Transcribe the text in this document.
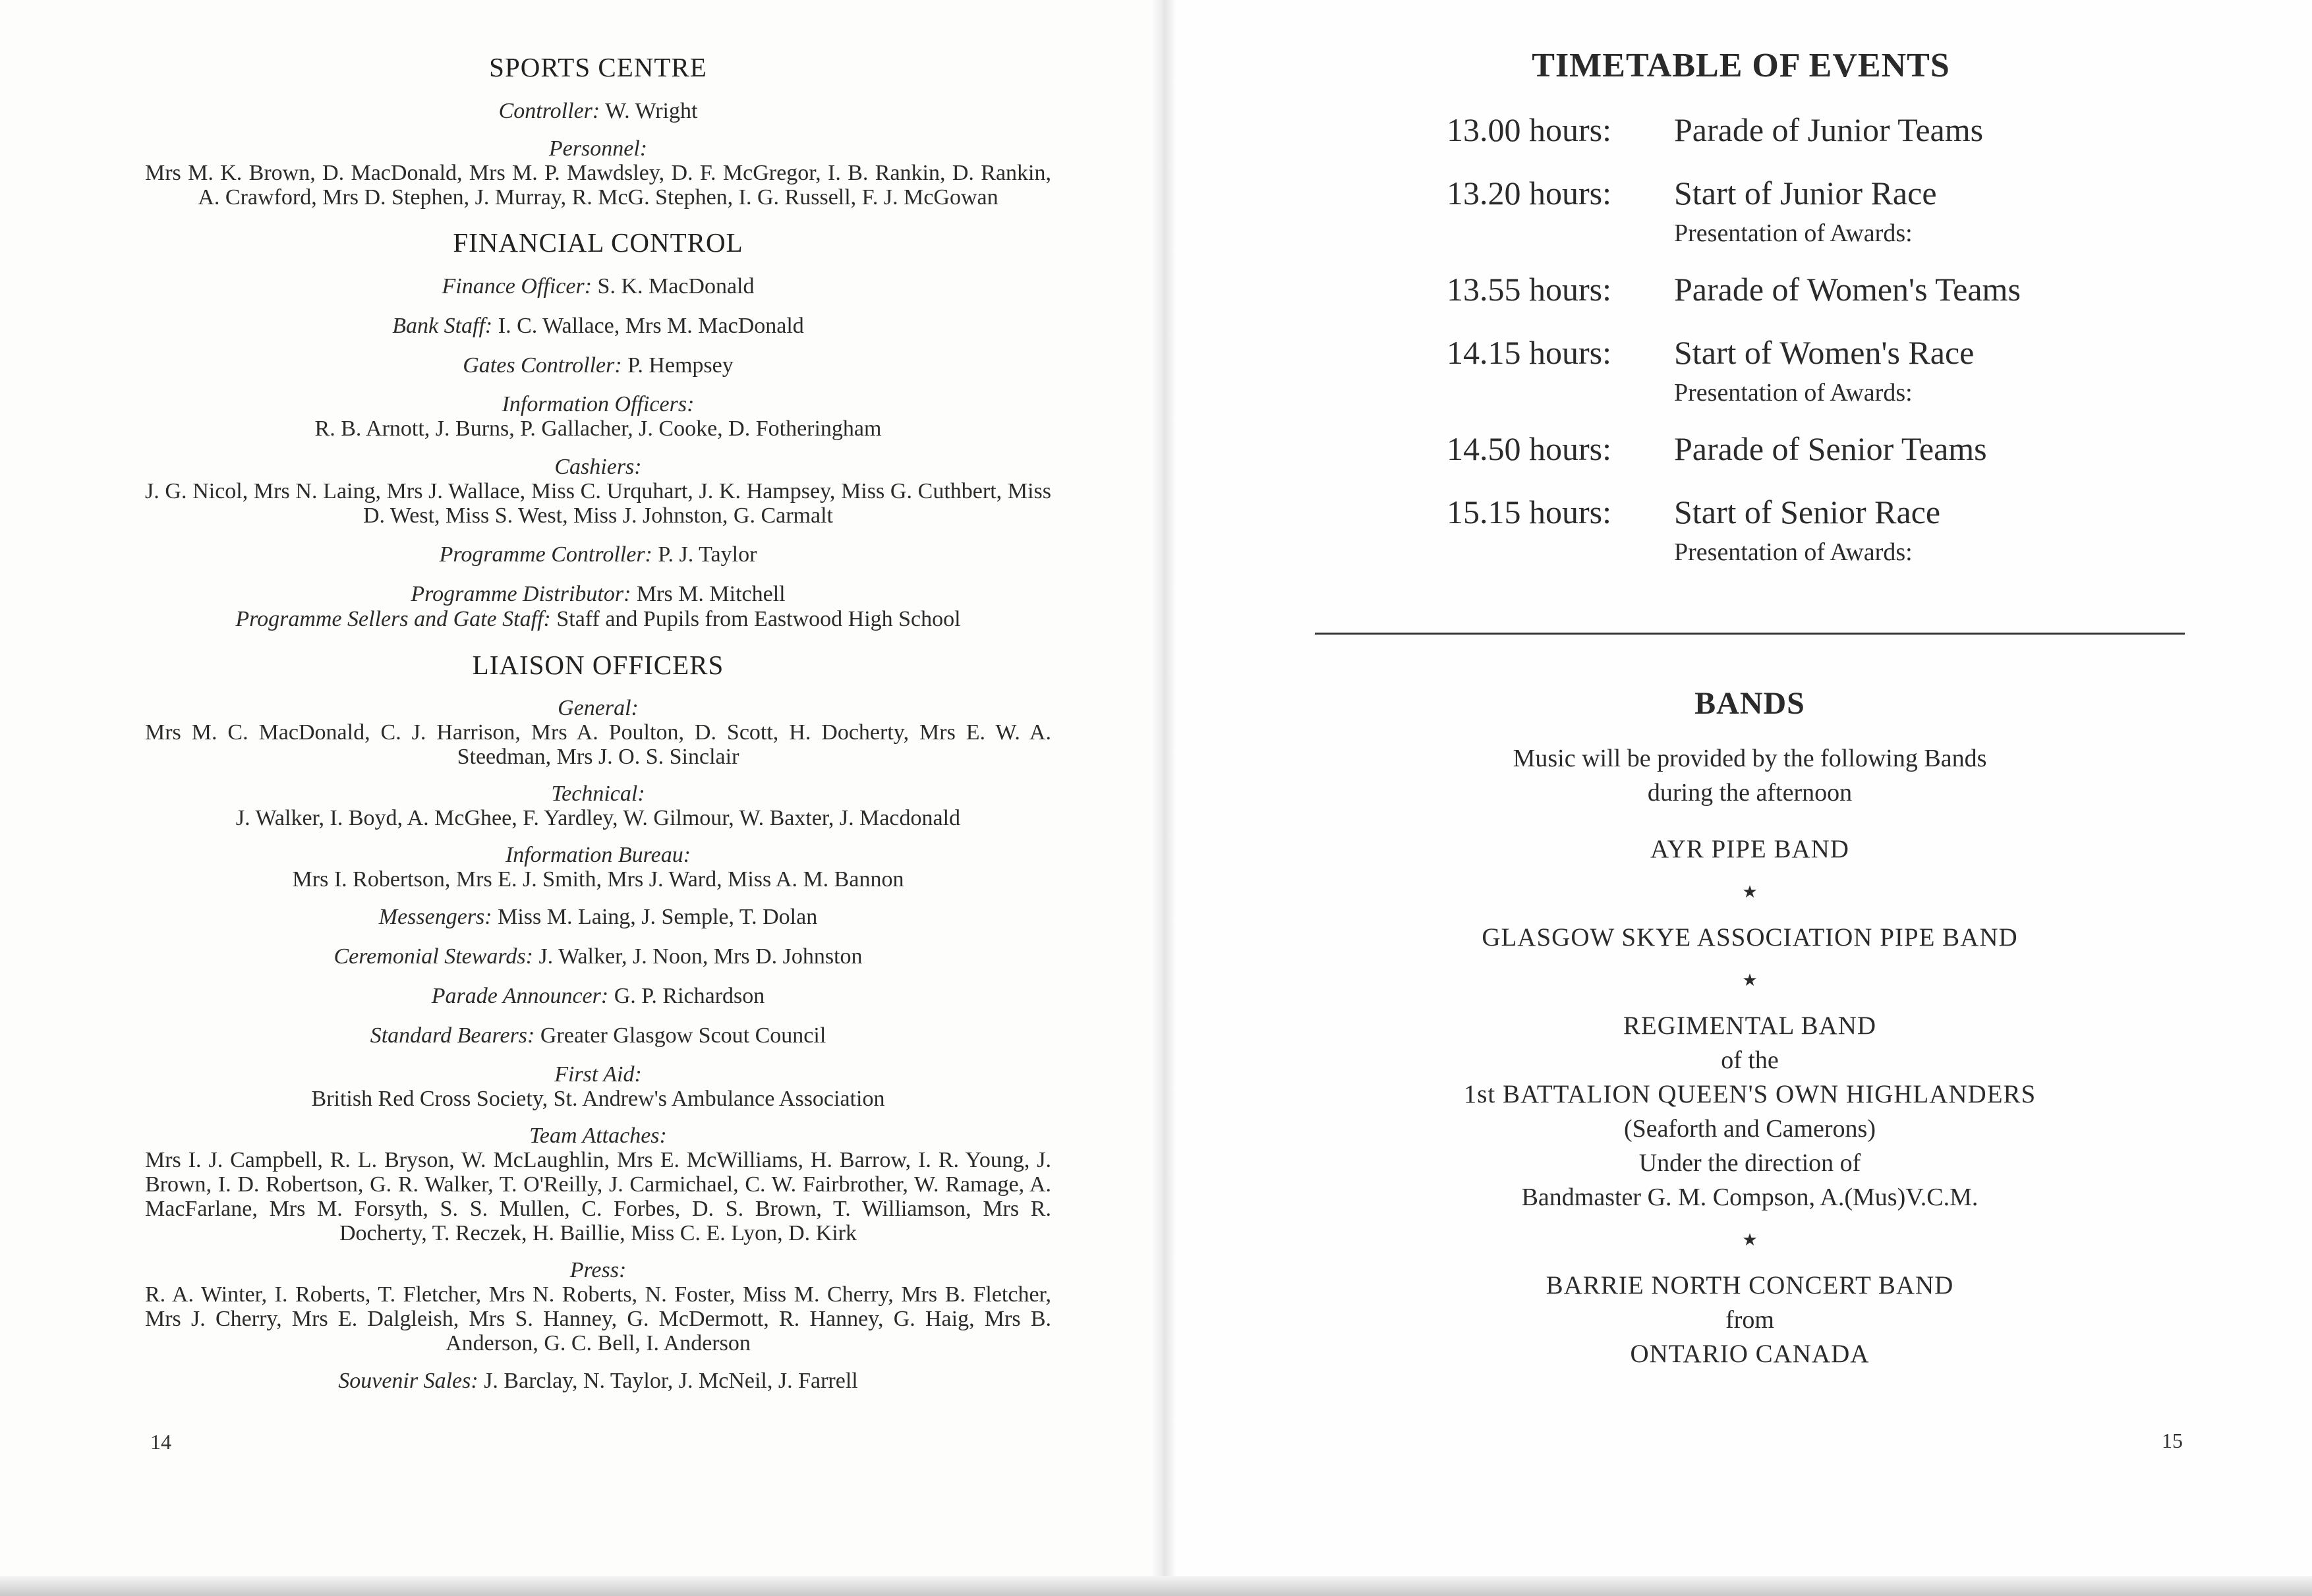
SPORTS CENTRE
Controller: W. Wright
Personnel:
Mrs M. K. Brown, D. MacDonald, Mrs M. P. Mawdsley, D. F. McGregor, I. B. Rankin, D. Rankin, A. Crawford, Mrs D. Stephen, J. Murray, R. McG. Stephen, I. G. Russell, F. J. McGowan
FINANCIAL CONTROL
Finance Officer: S. K. MacDonald
Bank Staff: I. C. Wallace, Mrs M. MacDonald
Gates Controller: P. Hempsey
Information Officers:
R. B. Arnott, J. Burns, P. Gallacher, J. Cooke, D. Fotheringham
Cashiers:
J. G. Nicol, Mrs N. Laing, Mrs J. Wallace, Miss C. Urquhart, J. K. Hampsey, Miss G. Cuthbert, Miss D. West, Miss S. West, Miss J. Johnston, G. Carmalt
Programme Controller: P. J. Taylor
Programme Distributor: Mrs M. Mitchell
Programme Sellers and Gate Staff: Staff and Pupils from Eastwood High School
LIAISON OFFICERS
General:
Mrs M. C. MacDonald, C. J. Harrison, Mrs A. Poulton, D. Scott, H. Docherty, Mrs E. W. A. Steedman, Mrs J. O. S. Sinclair
Technical:
J. Walker, I. Boyd, A. McGhee, F. Yardley, W. Gilmour, W. Baxter, J. Macdonald
Information Bureau:
Mrs I. Robertson, Mrs E. J. Smith, Mrs J. Ward, Miss A. M. Bannon
Messengers: Miss M. Laing, J. Semple, T. Dolan
Ceremonial Stewards: J. Walker, J. Noon, Mrs D. Johnston
Parade Announcer: G. P. Richardson
Standard Bearers: Greater Glasgow Scout Council
First Aid:
British Red Cross Society, St. Andrew's Ambulance Association
Team Attaches:
Mrs I. J. Campbell, R. L. Bryson, W. McLaughlin, Mrs E. McWilliams, H. Barrow, I. R. Young, J. Brown, I. D. Robertson, G. R. Walker, T. O'Reilly, J. Carmichael, C. W. Fairbrother, W. Ramage, A. MacFarlane, Mrs M. Forsyth, S. S. Mullen, C. Forbes, D. S. Brown, T. Williamson, Mrs R. Docherty, T. Reczek, H. Baillie, Miss C. E. Lyon, D. Kirk
Press:
R. A. Winter, I. Roberts, T. Fletcher, Mrs N. Roberts, N. Foster, Miss M. Cherry, Mrs B. Fletcher, Mrs J. Cherry, Mrs E. Dalgleish, Mrs S. Hanney, G. McDermott, R. Hanney, G. Haig, Mrs B. Anderson, G. C. Bell, I. Anderson
Souvenir Sales: J. Barclay, N. Taylor, J. McNeil, J. Farrell
14
TIMETABLE OF EVENTS
13.00 hours: Parade of Junior Teams
13.20 hours: Start of Junior Race
Presentation of Awards:
13.55 hours: Parade of Women's Teams
14.15 hours: Start of Women's Race
Presentation of Awards:
14.50 hours: Parade of Senior Teams
15.15 hours: Start of Senior Race
Presentation of Awards:
BANDS
Music will be provided by the following Bands
during the afternoon
AYR PIPE BAND
★
GLASGOW SKYE ASSOCIATION PIPE BAND
★
REGIMENTAL BAND
of the
1st BATTALION QUEEN'S OWN HIGHLANDERS
(Seaforth and Camerons)
Under the direction of
Bandmaster G. M. Compson, A.(Mus)V.C.M.
★
BARRIE NORTH CONCERT BAND
from
ONTARIO CANADA
15
